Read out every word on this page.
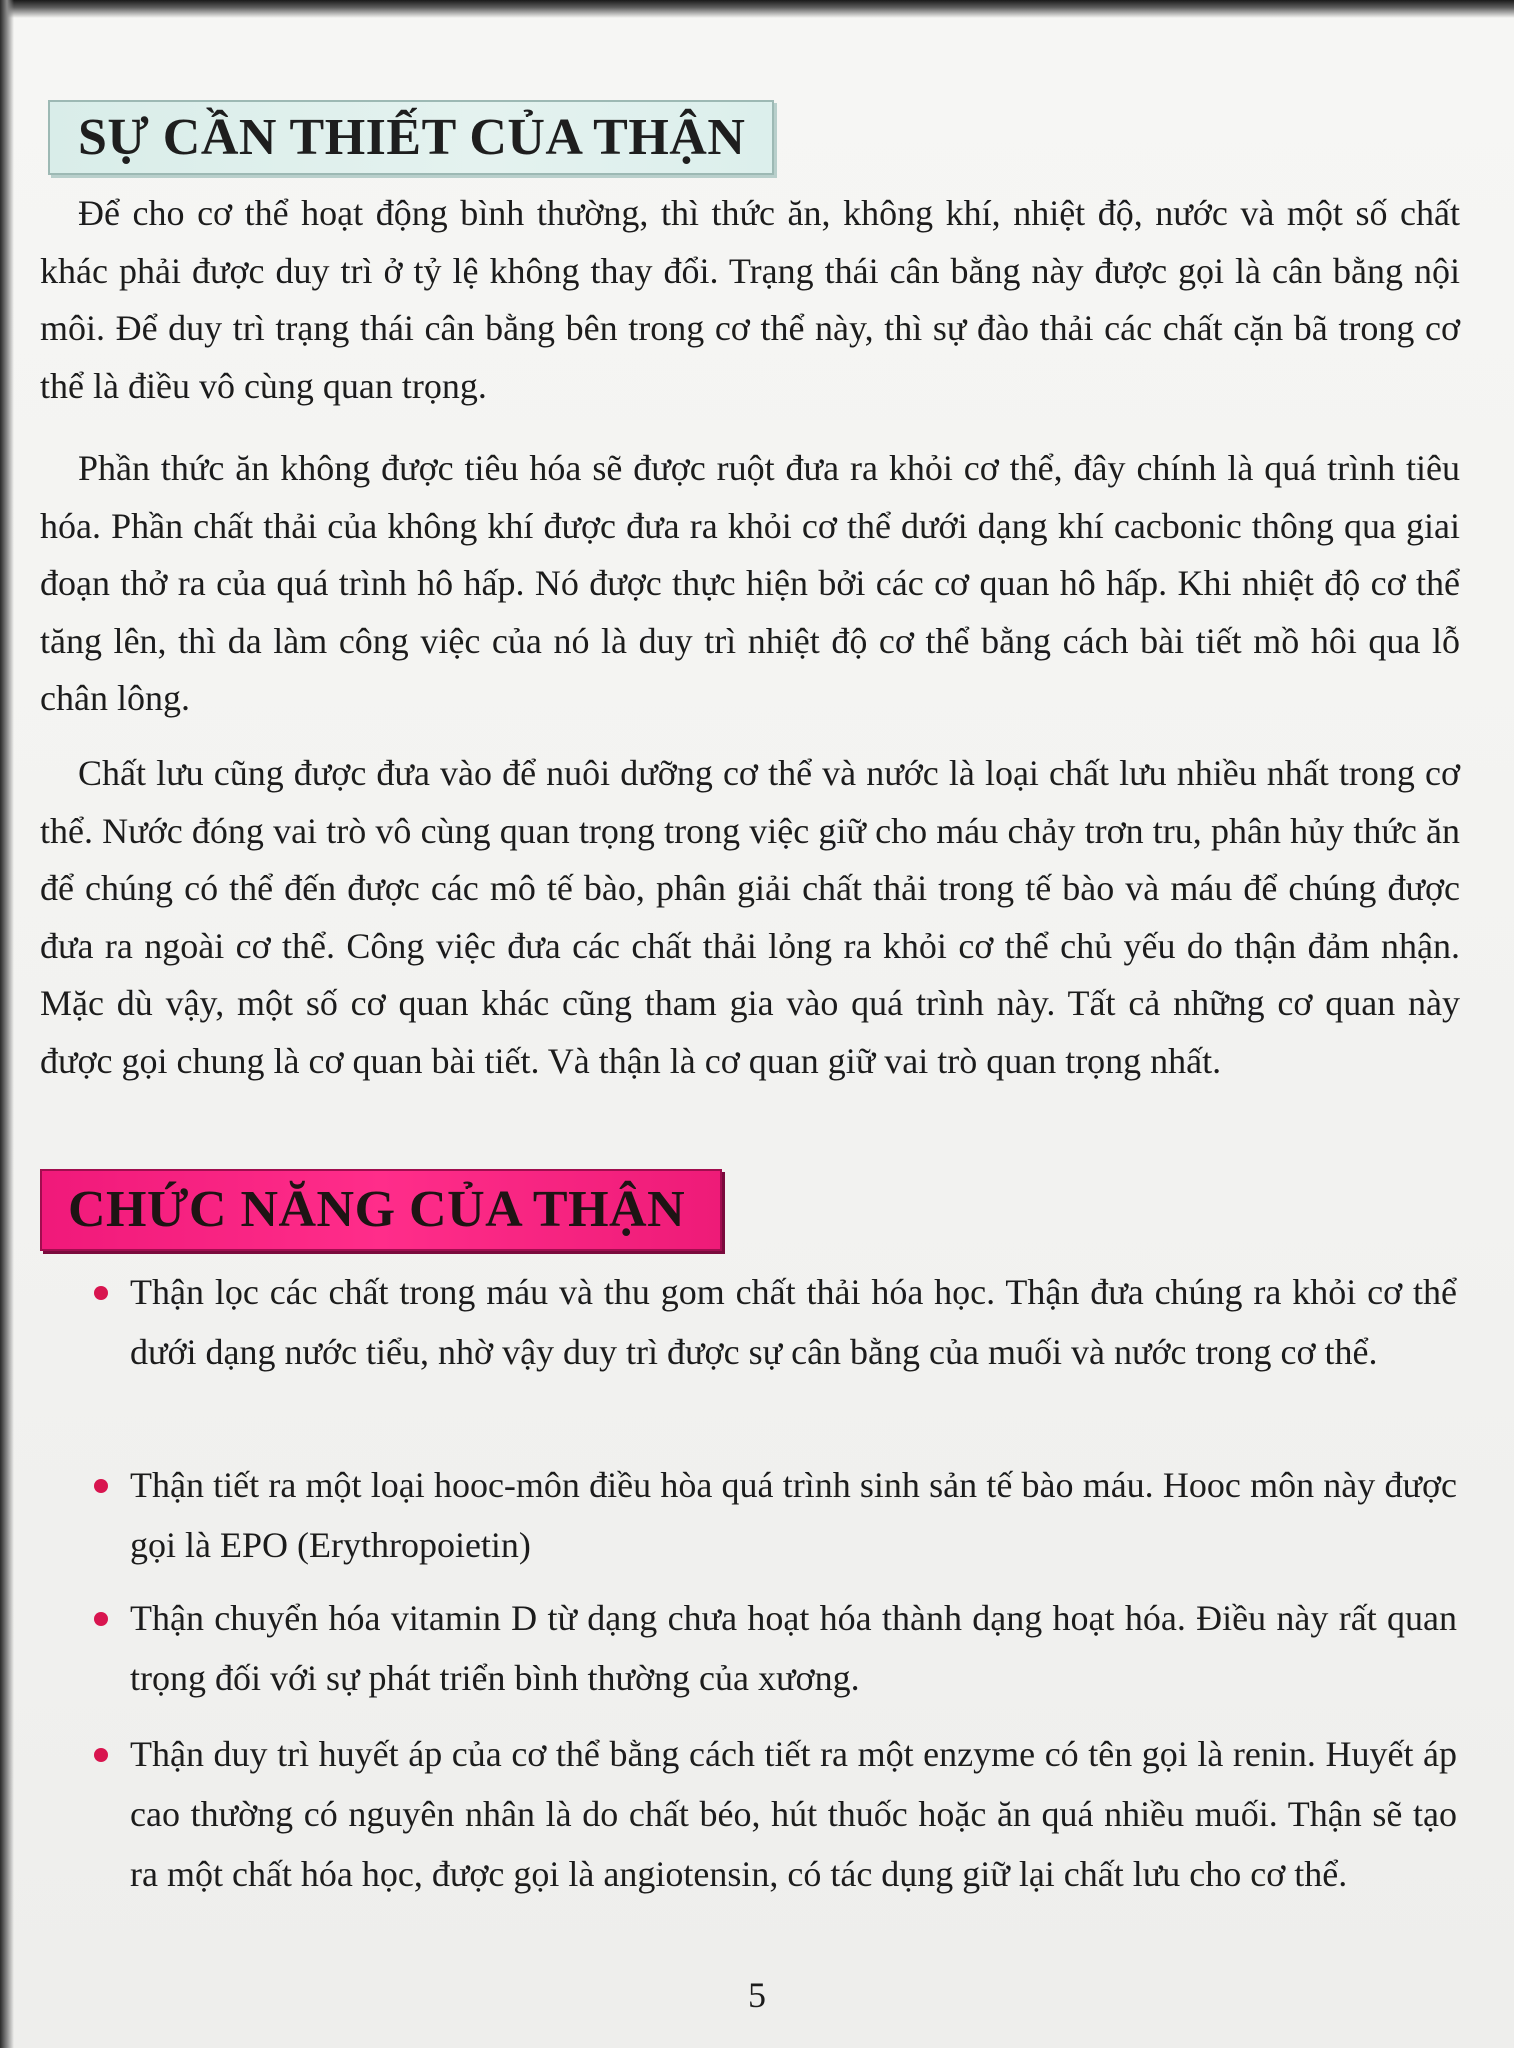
SỰ CẦN THIẾT CỦA THẬN

Để cho cơ thể hoạt động bình thường, thì thức ăn, không khí, nhiệt độ, nước và một số chất khác phải được duy trì ở tỷ lệ không thay đổi. Trạng thái cân bằng này được gọi là cân bằng nội môi. Để duy trì trạng thái cân bằng bên trong cơ thể này, thì sự đào thải các chất cặn bã trong cơ thể là điều vô cùng quan trọng.

Phần thức ăn không được tiêu hóa sẽ được ruột đưa ra khỏi cơ thể, đây chính là quá trình tiêu hóa. Phần chất thải của không khí được đưa ra khỏi cơ thể dưới dạng khí cacbonic thông qua giai đoạn thở ra của quá trình hô hấp. Nó được thực hiện bởi các cơ quan hô hấp. Khi nhiệt độ cơ thể tăng lên, thì da làm công việc của nó là duy trì nhiệt độ cơ thể bằng cách bài tiết mồ hôi qua lỗ chân lông.

Chất lưu cũng được đưa vào để nuôi dưỡng cơ thể và nước là loại chất lưu nhiều nhất trong cơ thể. Nước đóng vai trò vô cùng quan trọng trong việc giữ cho máu chảy trơn tru, phân hủy thức ăn để chúng có thể đến được các mô tế bào, phân giải chất thải trong tế bào và máu để chúng được đưa ra ngoài cơ thể. Công việc đưa các chất thải lỏng ra khỏi cơ thể chủ yếu do thận đảm nhận. Mặc dù vậy, một số cơ quan khác cũng tham gia vào quá trình này. Tất cả những cơ quan này được gọi chung là cơ quan bài tiết. Và thận là cơ quan giữ vai trò quan trọng nhất.

CHỨC NĂNG CỦA THẬN
Thận lọc các chất trong máu và thu gom chất thải hóa học. Thận đưa chúng ra khỏi cơ thể dưới dạng nước tiểu, nhờ vậy duy trì được sự cân bằng của muối và nước trong cơ thể.
Thận tiết ra một loại hooc-môn điều hòa quá trình sinh sản tế bào máu. Hooc môn này được gọi là EPO (Erythropoietin)
Thận chuyển hóa vitamin D từ dạng chưa hoạt hóa thành dạng hoạt hóa. Điều này rất quan trọng đối với sự phát triển bình thường của xương.
Thận duy trì huyết áp của cơ thể bằng cách tiết ra một enzyme có tên gọi là renin. Huyết áp cao thường có nguyên nhân là do chất béo, hút thuốc hoặc ăn quá nhiều muối. Thận sẽ tạo ra một chất hóa học, được gọi là angiotensin, có tác dụng giữ lại chất lưu cho cơ thể.
5
